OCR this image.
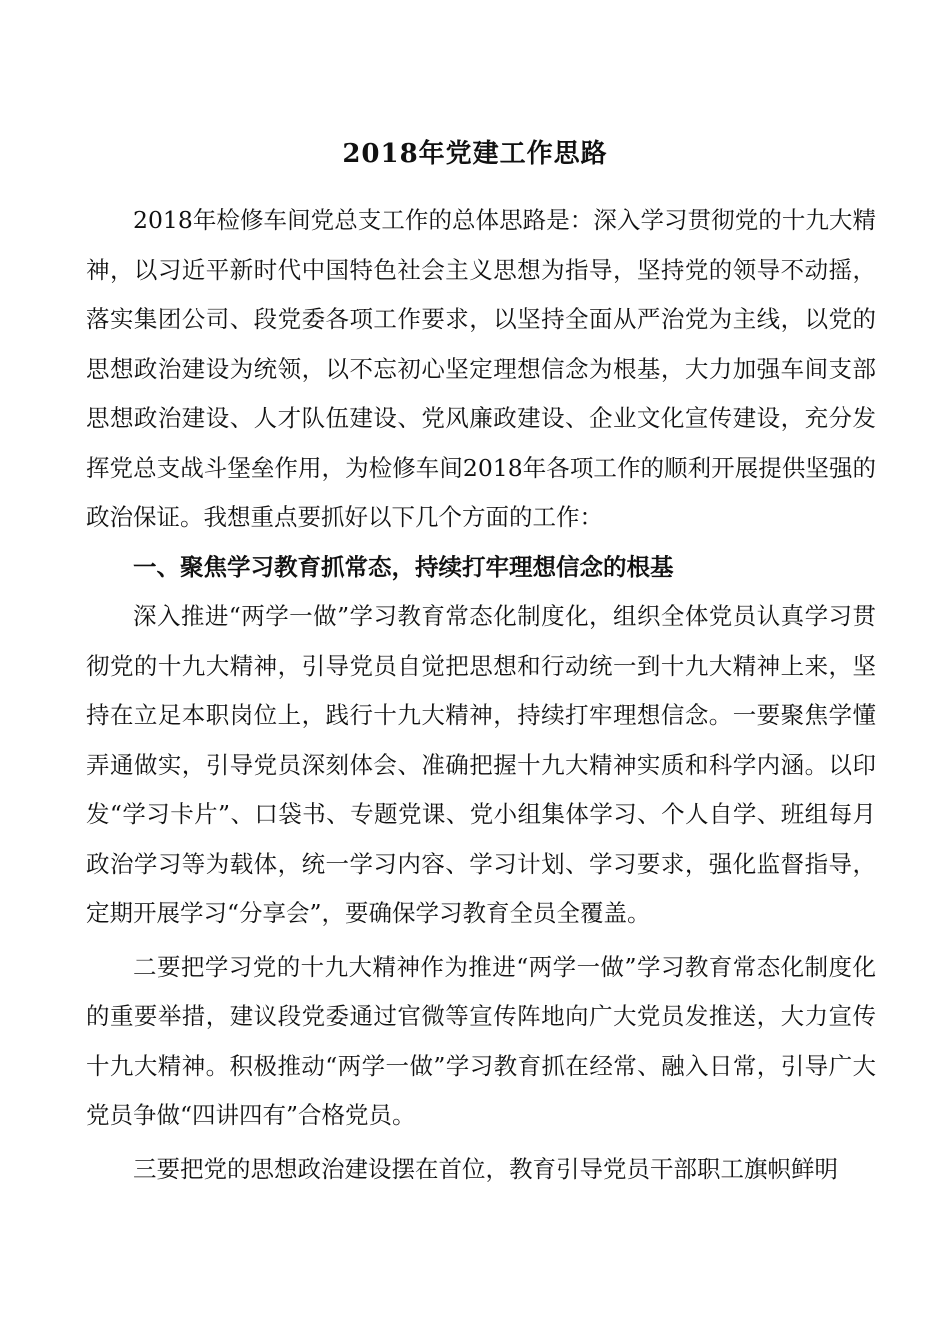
2018年党建工作思路

2018年检修车间党总支工作的总体思路是：深入学习贯彻党的十九大精神，以习近平新时代中国特色社会主义思想为指导，坚持党的领导不动摇，落实集团公司、段党委各项工作要求，以坚持全面从严治党为主线，以党的思想政治建设为统领，以不忘初心坚定理想信念为根基，大力加强车间支部思想政治建设、人才队伍建设、党风廉政建设、企业文化宣传建设，充分发挥党总支战斗堡垒作用，为检修车间2018年各项工作的顺利开展提供坚强的政治保证。我想重点要抓好以下几个方面的工作：

一、聚焦学习教育抓常态，持续打牢理想信念的根基

深入推进“两学一做”学习教育常态化制度化，组织全体党员认真学习贯彻党的十九大精神，引导党员自觉把思想和行动统一到十九大精神上来，坚持在立足本职岗位上，践行十九大精神，持续打牢理想信念。一要聚焦学懂弄通做实，引导党员深刻体会、准确把握十九大精神实质和科学内涵。以印发“学习卡片”、口袋书、专题党课、党小组集体学习、个人自学、班组每月政治学习等为载体，统一学习内容、学习计划、学习要求，强化监督指导，定期开展学习“分享会”，要确保学习教育全员全覆盖。

二要把学习党的十九大精神作为推进“两学一做”学习教育常态化制度化的重要举措，建议段党委通过官微等宣传阵地向广大党员发推送，大力宣传十九大精神。积极推动“两学一做”学习教育抓在经常、融入日常，引导广大党员争做“四讲四有”合格党员。

三要把党的思想政治建设摆在首位，教育引导党员干部职工旗帜鲜明
